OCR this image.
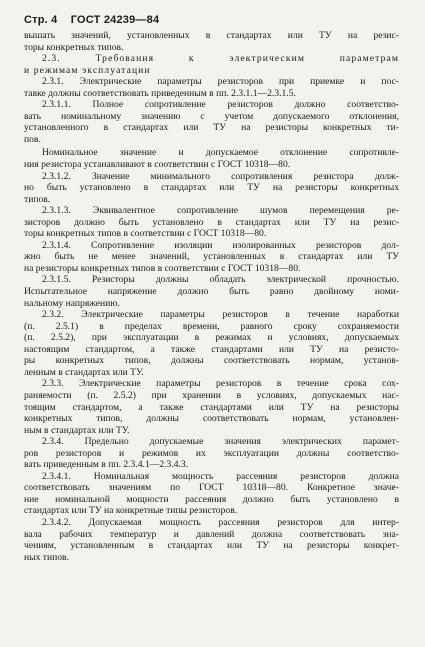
Стр. 4 ГОСТ 24239—84

вышать значений, установленных в стандартах или ТУ на резис-
торы конкретных типов.

2.3. Требования к электрическим параметрам
и режимам эксплуатации

2.3.1. Электрические параметры резисторов при приемке и пос-
тавке должны соответствовать приведенным в пп. 2.3.1.1—2.3.1.5.

2.3.1.1. Полное сопротивление резисторов должно соответство-
вать номинальному значению с учетом допускаемого отклонения,
установленного в стандартах или ТУ на резисторы конкретных ти-
пов.

Номинальное значение и допускаемое отклонение сопротивле-
ния резистора устанавливают в соответствии с ГОСТ 10318—80.

2.3.1.2. Значение минимального сопротивления резистора долж-
но быть установлено в стандартах или ТУ на резисторы конкретных
типов.

2.3.1.3. Эквивалентное сопротивление шумов перемещения ре-
зисторов должно быть установлено в стандартах или ТУ на резис-
торы конкретных типов в соответствии с ГОСТ 10318—80.

2.3.1.4. Сопротивление изоляции изолированных резисторов дол-
жно быть не менее значений, установленных в стандартах или ТУ
на резисторы конкретных типов в соответствии с ГОСТ 10318—80.

2.3.1.5. Резисторы должны обладать электрической прочностью.
Испытательное напряжение должно быть равно двойному номи-
нальному напряжению.

2.3.2. Электрические параметры резисторов в течение наработки
(п. 2.5.1) в пределах времени, равного сроку сохраняемости
(п. 2.5.2), при эксплуатации в режимах и условиях, допускаемых
настоящим стандартом, а также стандартами или ТУ на резисто-
ры конкретных типов, должны соответствовать нормам, установ-
ленным в стандартах или ТУ.

2.3.3. Электрические параметры резисторов в течение срока сох-
раняемости (п. 2.5.2) при хранении в условиях, допускаемых нас-
тоящим стандартом, а также стандартами или ТУ на резисторы
конкретных типов, должны соответствовать нормам, установлен-
ным в стандартах или ТУ.

2.3.4. Предельно допускаемые значения электрических парамет-
ров резисторов и режимов их эксплуатации должны соответство-
вать приведенным в пп. 2.3.4.1—2.3.4.3.

2.3.4.1. Номинальная мощность рассеяния резисторов должна
соответствовать значениям по ГОСТ 10318—80. Конкретное значе-
ние номинальной мощности рассеяния должно быть установлено в
стандартах или ТУ на конкретные типы резисторов.

2.3.4.2. Допускаемая мощность рассеяния резисторов для интер-
вала рабочих температур и давлений должна соответствовать зна-
чениям, установленным в стандартах или ТУ на резисторы конкрет-
ных типов.
